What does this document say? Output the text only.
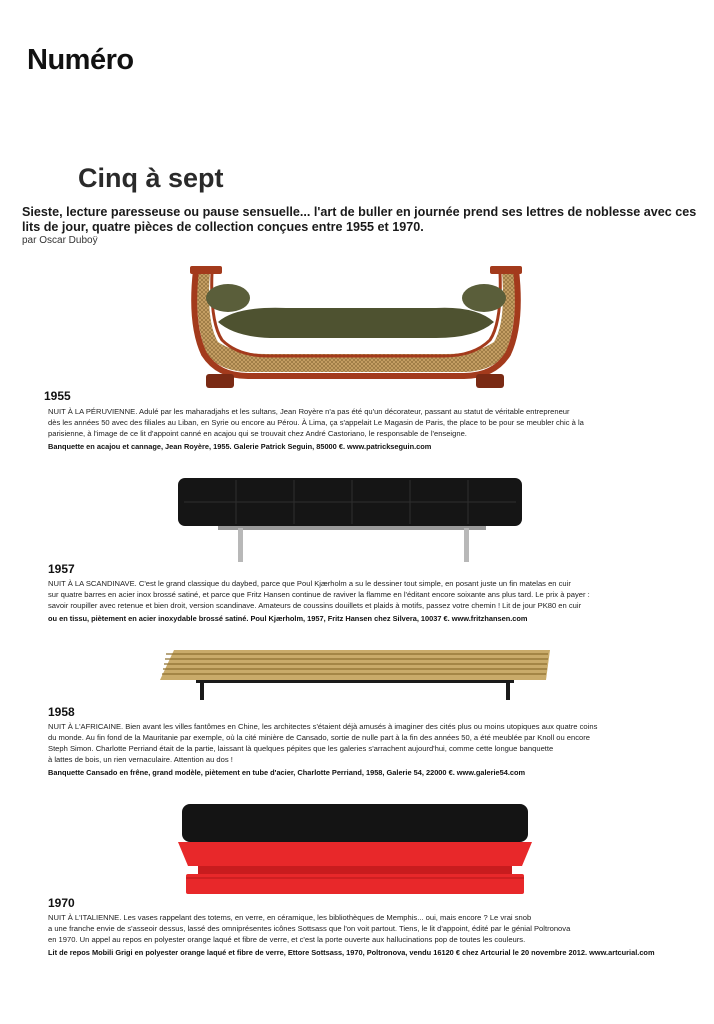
Numéro
Cinq à sept
Sieste, lecture paresseuse ou pause sensuelle... l'art de buller en journée prend ses lettres de noblesse avec ces lits de jour, quatre pièces de collection conçues entre 1955 et 1970.
par Oscar Duboÿ
1955

NUIT À LA PÉRUVIENNE. Adulé par les maharadjahs et les sultans, Jean Royère n'a pas été qu'un décorateur, passant au statut de véritable entrepreneur

dès les années 50 avec des filiales au Liban, en Syrie ou encore au Pérou. À Lima, ça s'appelait Le Magasin de Paris, the place to be pour se meubler chic à la

parisienne, à l'image de ce lit d'appoint canné en acajou qui se trouvait chez André Castoriano, le responsable de l'enseigne.

Banquette en acajou et cannage, Jean Royère, 1955. Galerie Patrick Seguin, 85000 €. www.patrickseguin.com
1957

NUIT À LA SCANDINAVE. C'est le grand classique du daybed, parce que Poul Kjærholm a su le dessiner tout simple, en posant juste un fin matelas en cuir

sur quatre barres en acier inox brossé satiné, et parce que Fritz Hansen continue de raviver la flamme en l'éditant encore soixante ans plus tard. Le prix à payer :

savoir roupiller avec retenue et bien droit, version scandinave. Amateurs de coussins douillets et plaids à motifs, passez votre chemin ! Lit de jour PK80 en cuir

ou en tissu, piètement en acier inoxydable brossé satiné. Poul Kjærholm, 1957, Fritz Hansen chez Silvera, 10037 €. www.fritzhansen.com
1958

NUIT À L'AFRICAINE. Bien avant les villes fantômes en Chine, les architectes s'étaient déjà amusés à imaginer des cités plus ou moins utopiques aux quatre coins

du monde. Au fin fond de la Mauritanie par exemple, où la cité minière de Cansado, sortie de nulle part à la fin des années 50, a été meublée par Knoll ou encore

Steph Simon. Charlotte Perriand était de la partie, laissant là quelques pépites que les galeries s'arrachent aujourd'hui, comme cette longue banquette

à lattes de bois, un rien vernaculaire. Attention au dos !

Banquette Cansado en frêne, grand modèle, piètement en tube d'acier, Charlotte Perriand, 1958, Galerie 54, 22000 €. www.galerie54.com
1970

NUIT À L'ITALIENNE. Les vases rappelant des totems, en verre, en céramique, les bibliothèques de Memphis... oui, mais encore ? Le vrai snob

a une franche envie de s'asseoir dessus, lassé des omniprésentes icônes Sottsass que l'on voit partout. Tiens, le lit d'appoint, édité par le génial Poltronova

en 1970. Un appel au repos en polyester orange laqué et fibre de verre, et c'est la porte ouverte aux hallucinations pop de toutes les couleurs.

Lit de repos Mobili Grigi en polyester orange laqué et fibre de verre, Ettore Sottsass, 1970, Poltronova, vendu 16120 € chez Artcurial le 20 novembre 2012. www.artcurial.com
